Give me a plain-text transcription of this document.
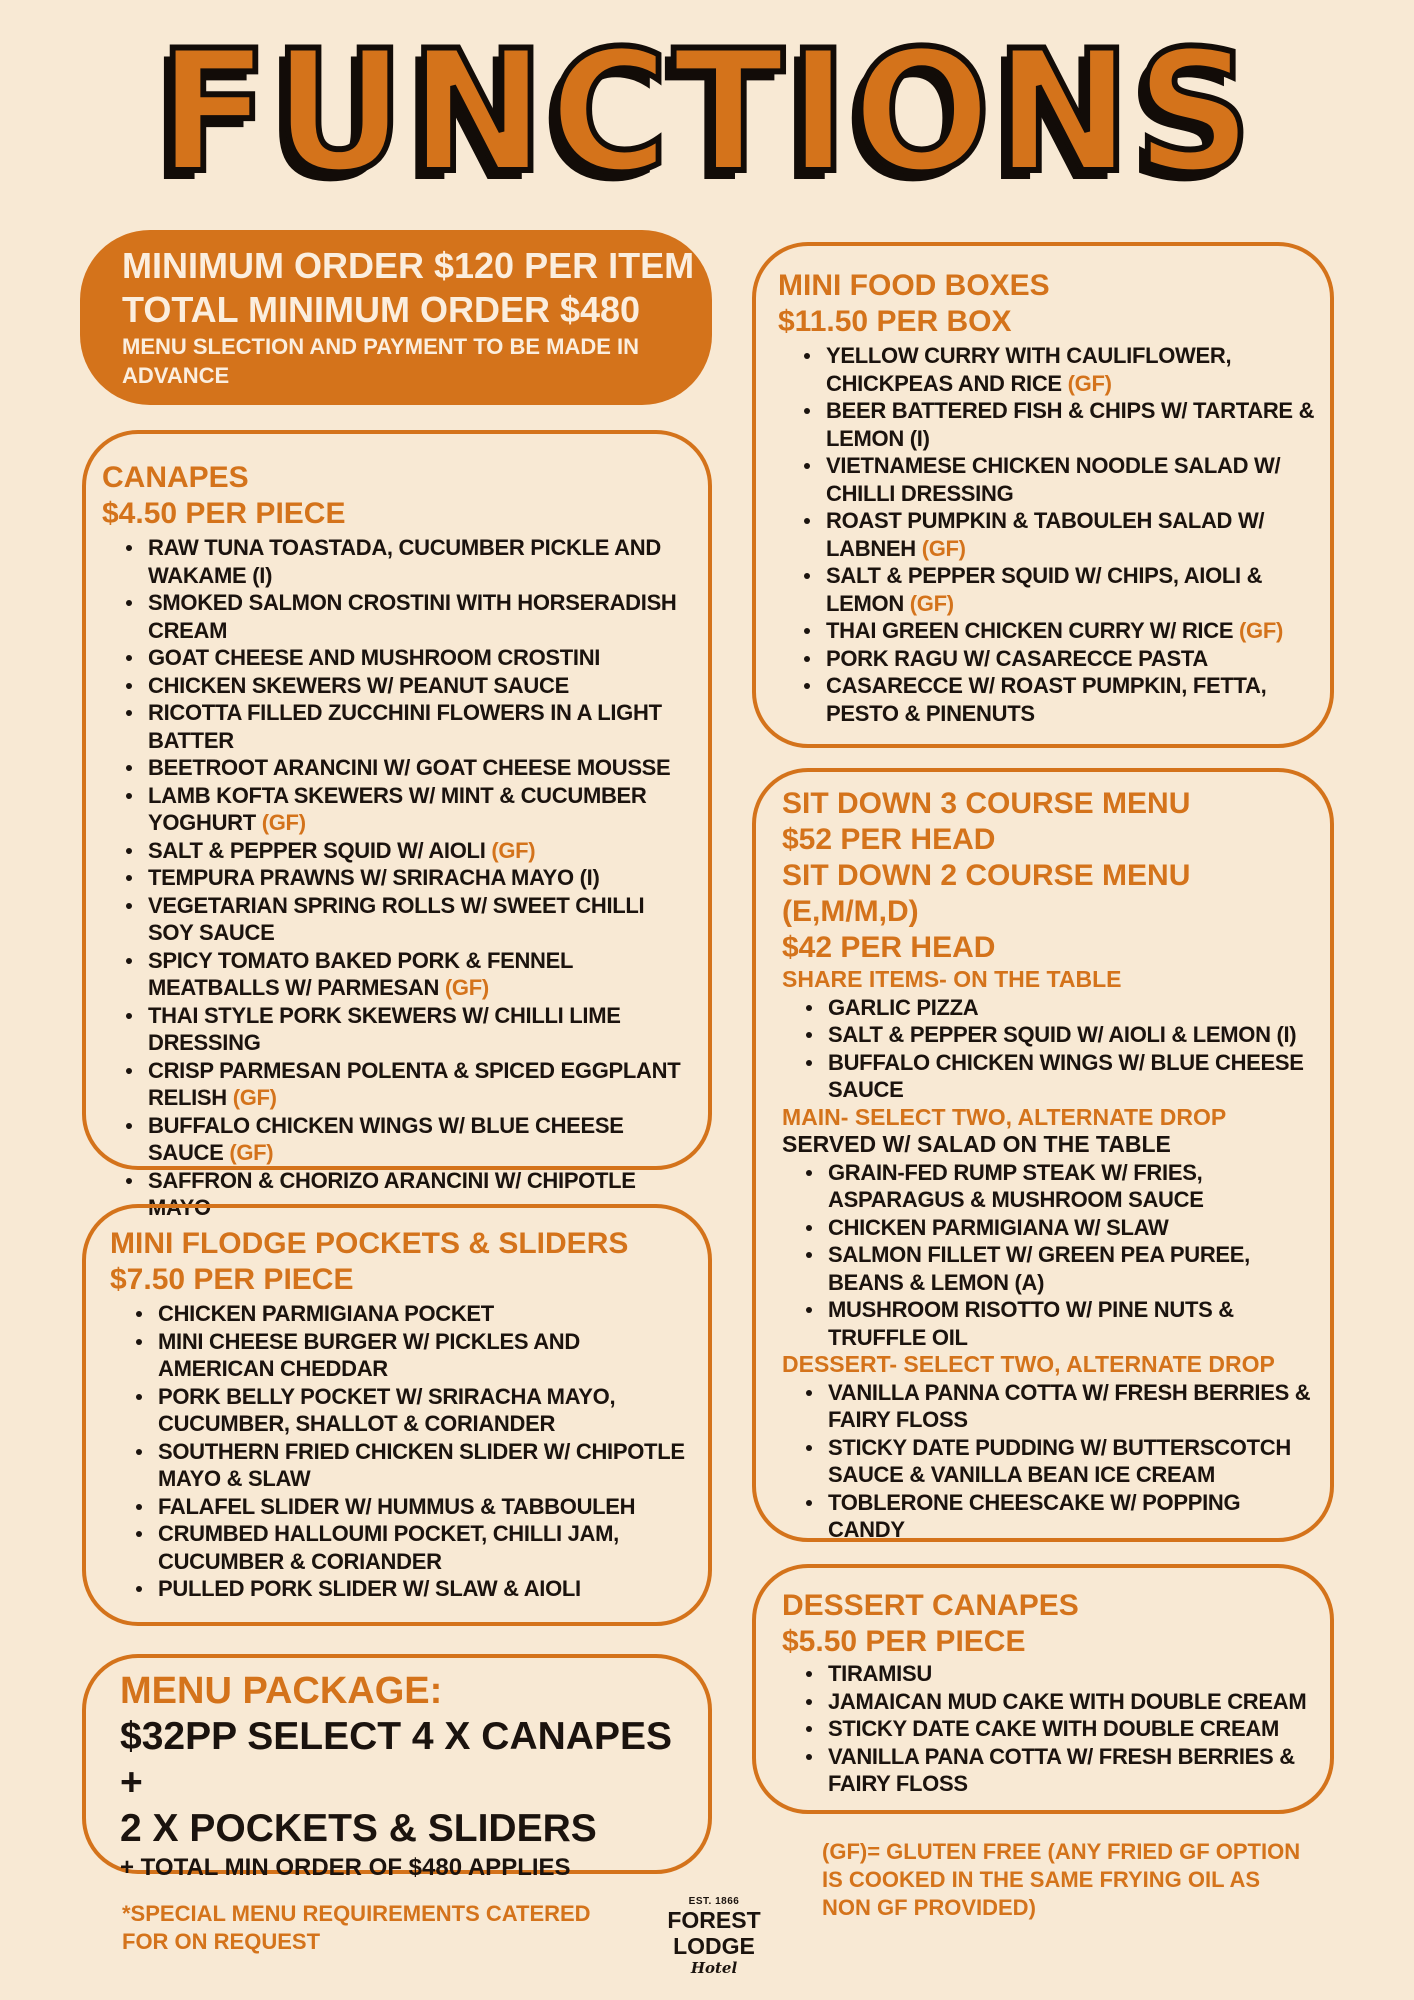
FUNCTIONS
MINIMUM ORDER $120 PER ITEM
TOTAL MINIMUM ORDER $480
MENU SLECTION AND PAYMENT TO BE MADE IN
ADVANCE
CANAPES
$4.50 PER PIECE
RAW TUNA TOASTADA, CUCUMBER PICKLE AND WAKAME (I)
SMOKED SALMON CROSTINI WITH HORSERADISH CREAM
GOAT CHEESE AND MUSHROOM CROSTINI
CHICKEN SKEWERS W/ PEANUT SAUCE
RICOTTA FILLED ZUCCHINI FLOWERS IN A LIGHT BATTER
BEETROOT ARANCINI W/ GOAT CHEESE MOUSSE
LAMB KOFTA SKEWERS W/ MINT & CUCUMBER YOGHURT (GF)
SALT & PEPPER SQUID W/ AIOLI (GF)
TEMPURA PRAWNS W/ SRIRACHA MAYO (I)
VEGETARIAN SPRING ROLLS W/ SWEET CHILLI SOY SAUCE
SPICY TOMATO BAKED PORK & FENNEL MEATBALLS W/ PARMESAN (GF)
THAI STYLE PORK SKEWERS W/ CHILLI LIME DRESSING
CRISP PARMESAN POLENTA & SPICED EGGPLANT RELISH (GF)
BUFFALO CHICKEN WINGS W/ BLUE CHEESE SAUCE (GF)
SAFFRON & CHORIZO ARANCINI W/ CHIPOTLE MAYO
MINI FLODGE POCKETS & SLIDERS
$7.50 PER PIECE
CHICKEN PARMIGIANA POCKET
MINI CHEESE BURGER W/ PICKLES AND AMERICAN CHEDDAR
PORK BELLY POCKET W/ SRIRACHA MAYO, CUCUMBER, SHALLOT & CORIANDER
SOUTHERN FRIED CHICKEN SLIDER W/ CHIPOTLE MAYO & SLAW
FALAFEL SLIDER W/ HUMMUS & TABBOULEH
CRUMBED HALLOUMI POCKET, CHILLI JAM, CUCUMBER & CORIANDER
PULLED PORK SLIDER W/ SLAW & AIOLI
MENU PACKAGE:
$32PP SELECT 4 X CANAPES +
2 X POCKETS & SLIDERS
+ TOTAL MIN ORDER OF $480 APPLIES
*SPECIAL MENU REQUIREMENTS CATERED FOR ON REQUEST
EST. 1866
FOREST LODGE
Hotel
MINI FOOD BOXES
$11.50 PER BOX
YELLOW CURRY WITH CAULIFLOWER, CHICKPEAS AND RICE (GF)
BEER BATTERED FISH & CHIPS W/ TARTARE & LEMON (I)
VIETNAMESE CHICKEN NOODLE SALAD W/ CHILLI DRESSING
ROAST PUMPKIN & TABOULEH SALAD W/ LABNEH (GF)
SALT & PEPPER SQUID W/ CHIPS, AIOLI & LEMON (GF)
THAI GREEN CHICKEN CURRY W/ RICE (GF)
PORK RAGU W/ CASARECCE PASTA
CASARECCE W/ ROAST PUMPKIN, FETTA, PESTO & PINENUTS
SIT DOWN 3 COURSE MENU
$52 PER HEAD
SIT DOWN 2 COURSE MENU (E,M/M,D)
$42 PER HEAD
SHARE ITEMS- ON THE TABLE
GARLIC PIZZA
SALT & PEPPER SQUID W/ AIOLI & LEMON (I)
BUFFALO CHICKEN WINGS W/ BLUE CHEESE SAUCE
MAIN- SELECT TWO, ALTERNATE DROP
SERVED W/ SALAD ON THE TABLE
GRAIN-FED RUMP STEAK W/ FRIES, ASPARAGUS & MUSHROOM SAUCE
CHICKEN PARMIGIANA W/ SLAW
SALMON FILLET W/ GREEN PEA PUREE, BEANS & LEMON (A)
MUSHROOM RISOTTO W/ PINE NUTS & TRUFFLE OIL
DESSERT- SELECT TWO, ALTERNATE DROP
VANILLA PANNA COTTA W/ FRESH BERRIES & FAIRY FLOSS
STICKY DATE PUDDING W/ BUTTERSCOTCH SAUCE & VANILLA BEAN ICE CREAM
TOBLERONE CHEESCAKE W/ POPPING CANDY
DESSERT CANAPES
$5.50 PER PIECE
TIRAMISU
JAMAICAN MUD CAKE WITH DOUBLE CREAM
STICKY DATE CAKE WITH DOUBLE CREAM
VANILLA PANA COTTA W/ FRESH BERRIES & FAIRY FLOSS
(GF)= GLUTEN FREE (ANY FRIED GF OPTION IS COOKED IN THE SAME FRYING OIL AS NON GF PROVIDED)
